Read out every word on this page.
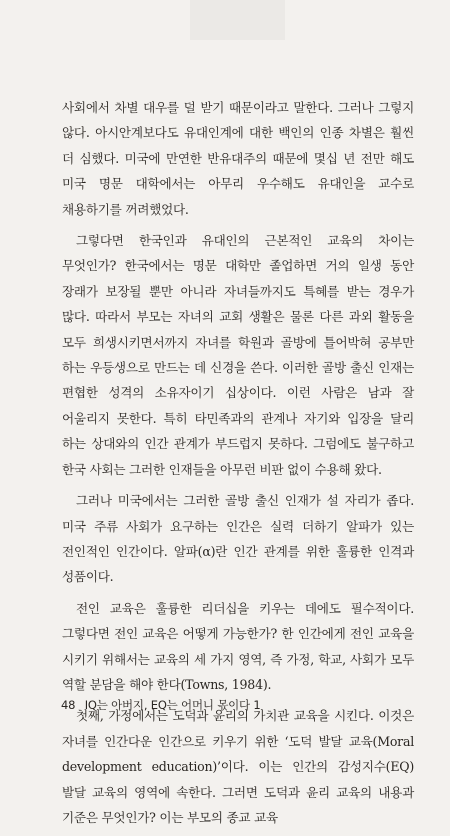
사회에서 차별 대우를 덜 받기 때문이라고 말한다. 그러나 그렇지 않다. 아시안계보다도 유대인계에 대한 백인의 인종 차별은 훨씬 더 심했다. 미국에 만연한 반유대주의 때문에 몇십 년 전만 해도 미국 명문 대학에서는 아무리 우수해도 유대인을 교수로 채용하기를 꺼려했었다.

그렇다면 한국인과 유대인의 근본적인 교육의 차이는 무엇인가? 한국에서는 명문 대학만 졸업하면 거의 일생 동안 장래가 보장될 뿐만 아니라 자녀들까지도 특혜를 받는 경우가 많다. 따라서 부모는 자녀의 교회 생활은 물론 다른 과외 활동을 모두 희생시키면서까지 자녀를 학원과 골방에 틀어박혀 공부만 하는 우등생으로 만드는 데 신경을 쓴다. 이러한 골방 출신 인재는 편협한 성격의 소유자이기 십상이다. 이런 사람은 남과 잘 어울리지 못한다. 특히 타민족과의 관계나 자기와 입장을 달리 하는 상대와의 인간 관계가 부드럽지 못하다. 그럼에도 불구하고 한국 사회는 그러한 인재들을 아무런 비판 없이 수용해 왔다.

그러나 미국에서는 그러한 골방 출신 인재가 설 자리가 좁다. 미국 주류 사회가 요구하는 인간은 실력 더하기 알파가 있는 전인적인 인간이다. 알파(α)란 인간 관계를 위한 훌륭한 인격과 성품이다.

전인 교육은 훌륭한 리더십을 키우는 데에도 필수적이다. 그렇다면 전인 교육은 어떻게 가능한가? 한 인간에게 전인 교육을 시키기 위해서는 교육의 세 가지 영역, 즉 가정, 학교, 사회가 모두 역할 분담을 해야 한다(Towns, 1984).

첫째, 가정에서는 도덕과 윤리의 가치관 교육을 시킨다. 이것은 자녀를 인간다운 인간으로 키우기 위한 ‘도덕 발달 교육(Moral development education)’이다. 이는 인간의 감성지수(EQ) 발달 교육의 영역에 속한다. 그러면 도덕과 윤리 교육의 내용과 기준은 무엇인가? 이는 부모의 종교 교육

48 IQ는 아버지, EQ는 어머니 몫이다 1
